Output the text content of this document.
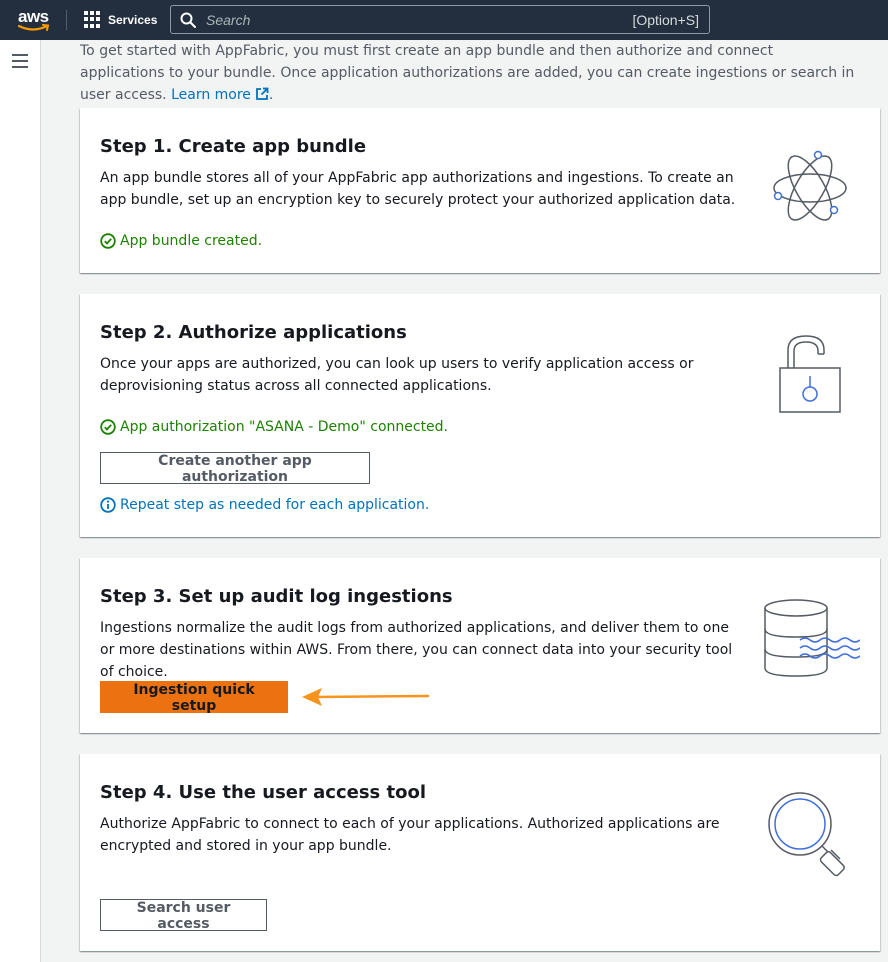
aws	Services	Search	[Option+S]
To get started with AppFabric, you must first create an app bundle and then authorize and connect applications to your bundle. Once application authorizations are added, you can create ingestions or search in user access. Learn more .
Step 1. Create app bundle
An app bundle stores all of your AppFabric app authorizations and ingestions. To create an app bundle, set up an encryption key to securely protect your authorized application data.
App bundle created.
Step 2. Authorize applications
Once your apps are authorized, you can look up users to verify application access or deprovisioning status across all connected applications.
App authorization "ASANA - Demo" connected.
Create another app authorization
Repeat step as needed for each application.
Step 3. Set up audit log ingestions
Ingestions normalize the audit logs from authorized applications, and deliver them to one or more destinations within AWS. From there, you can connect data into your security tool of choice.
Ingestion quick setup
Step 4. Use the user access tool
Authorize AppFabric to connect to each of your applications. Authorized applications are encrypted and stored in your app bundle.
Search user access
